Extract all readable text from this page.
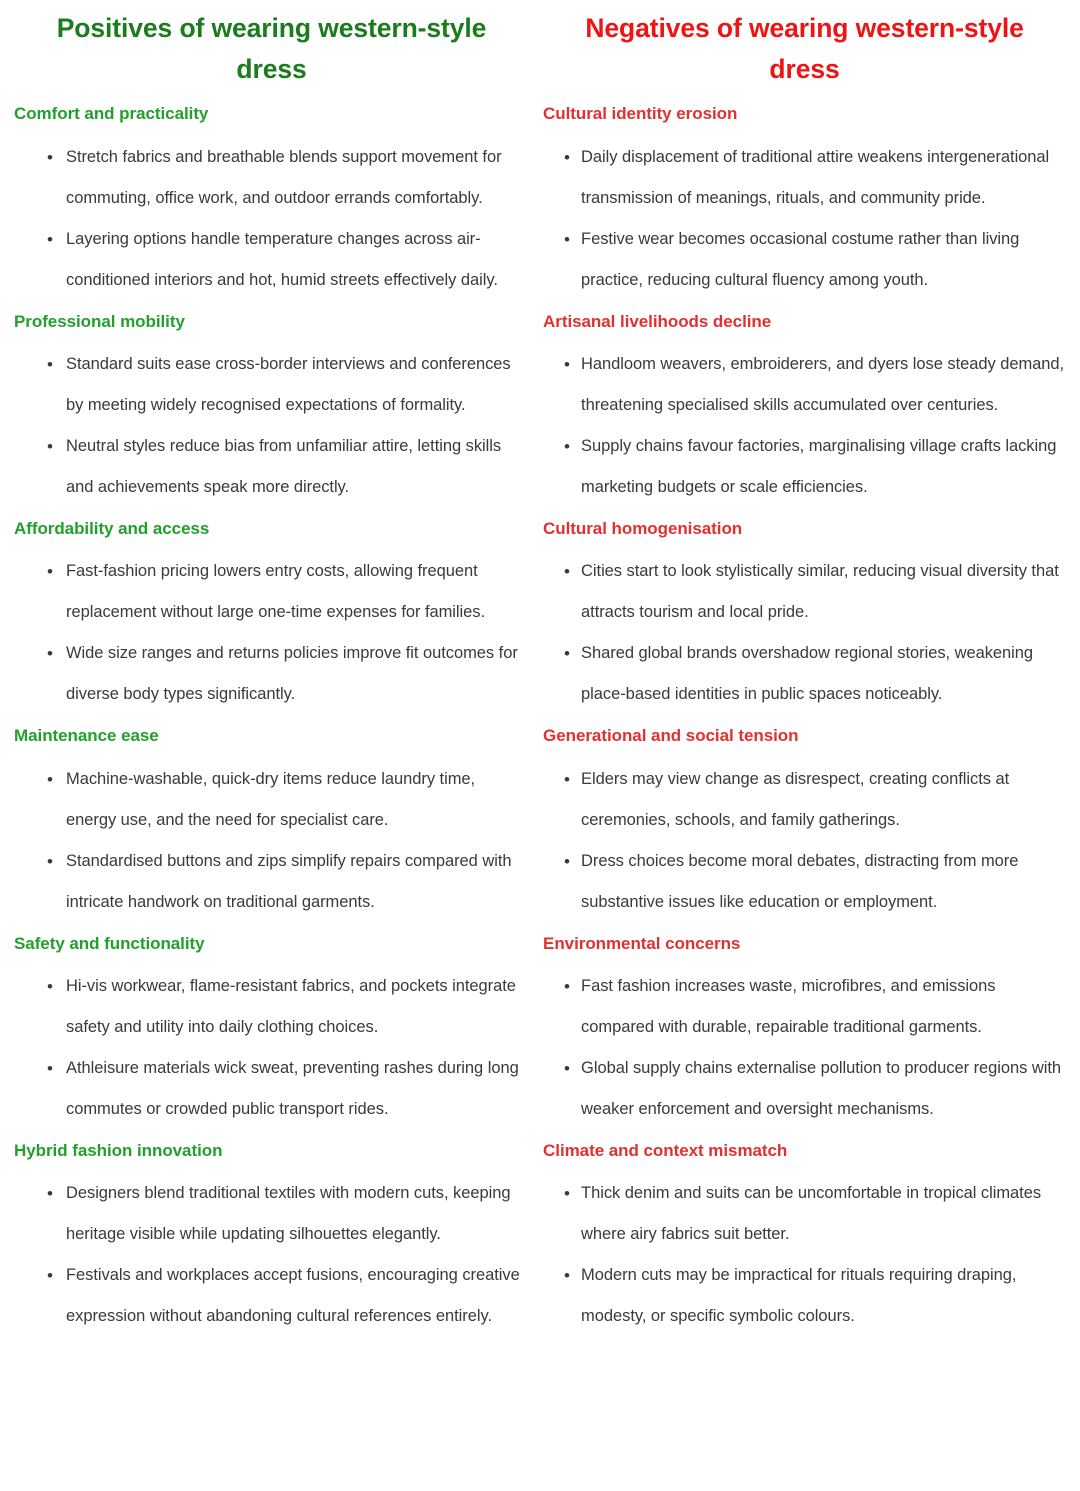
Positives of wearing western-style dress
Comfort and practicality
• Stretch fabrics and breathable blends support movement for commuting, office work, and outdoor errands comfortably.
• Layering options handle temperature changes across air-conditioned interiors and hot, humid streets effectively daily.
Professional mobility
• Standard suits ease cross-border interviews and conferences by meeting widely recognised expectations of formality.
• Neutral styles reduce bias from unfamiliar attire, letting skills and achievements speak more directly.
Affordability and access
• Fast-fashion pricing lowers entry costs, allowing frequent replacement without large one-time expenses for families.
• Wide size ranges and returns policies improve fit outcomes for diverse body types significantly.
Maintenance ease
• Machine-washable, quick-dry items reduce laundry time, energy use, and the need for specialist care.
• Standardised buttons and zips simplify repairs compared with intricate handwork on traditional garments.
Safety and functionality
• Hi-vis workwear, flame-resistant fabrics, and pockets integrate safety and utility into daily clothing choices.
• Athleisure materials wick sweat, preventing rashes during long commutes or crowded public transport rides.
Hybrid fashion innovation
• Designers blend traditional textiles with modern cuts, keeping heritage visible while updating silhouettes elegantly.
• Festivals and workplaces accept fusions, encouraging creative expression without abandoning cultural references entirely.
Negatives of wearing western-style dress
Cultural identity erosion
• Daily displacement of traditional attire weakens intergenerational transmission of meanings, rituals, and community pride.
• Festive wear becomes occasional costume rather than living practice, reducing cultural fluency among youth.
Artisanal livelihoods decline
• Handloom weavers, embroiderers, and dyers lose steady demand, threatening specialised skills accumulated over centuries.
• Supply chains favour factories, marginalising village crafts lacking marketing budgets or scale efficiencies.
Cultural homogenisation
• Cities start to look stylistically similar, reducing visual diversity that attracts tourism and local pride.
• Shared global brands overshadow regional stories, weakening place-based identities in public spaces noticeably.
Generational and social tension
• Elders may view change as disrespect, creating conflicts at ceremonies, schools, and family gatherings.
• Dress choices become moral debates, distracting from more substantive issues like education or employment.
Environmental concerns
• Fast fashion increases waste, microfibres, and emissions compared with durable, repairable traditional garments.
• Global supply chains externalise pollution to producer regions with weaker enforcement and oversight mechanisms.
Climate and context mismatch
• Thick denim and suits can be uncomfortable in tropical climates where airy fabrics suit better.
• Modern cuts may be impractical for rituals requiring draping, modesty, or specific symbolic colours.
